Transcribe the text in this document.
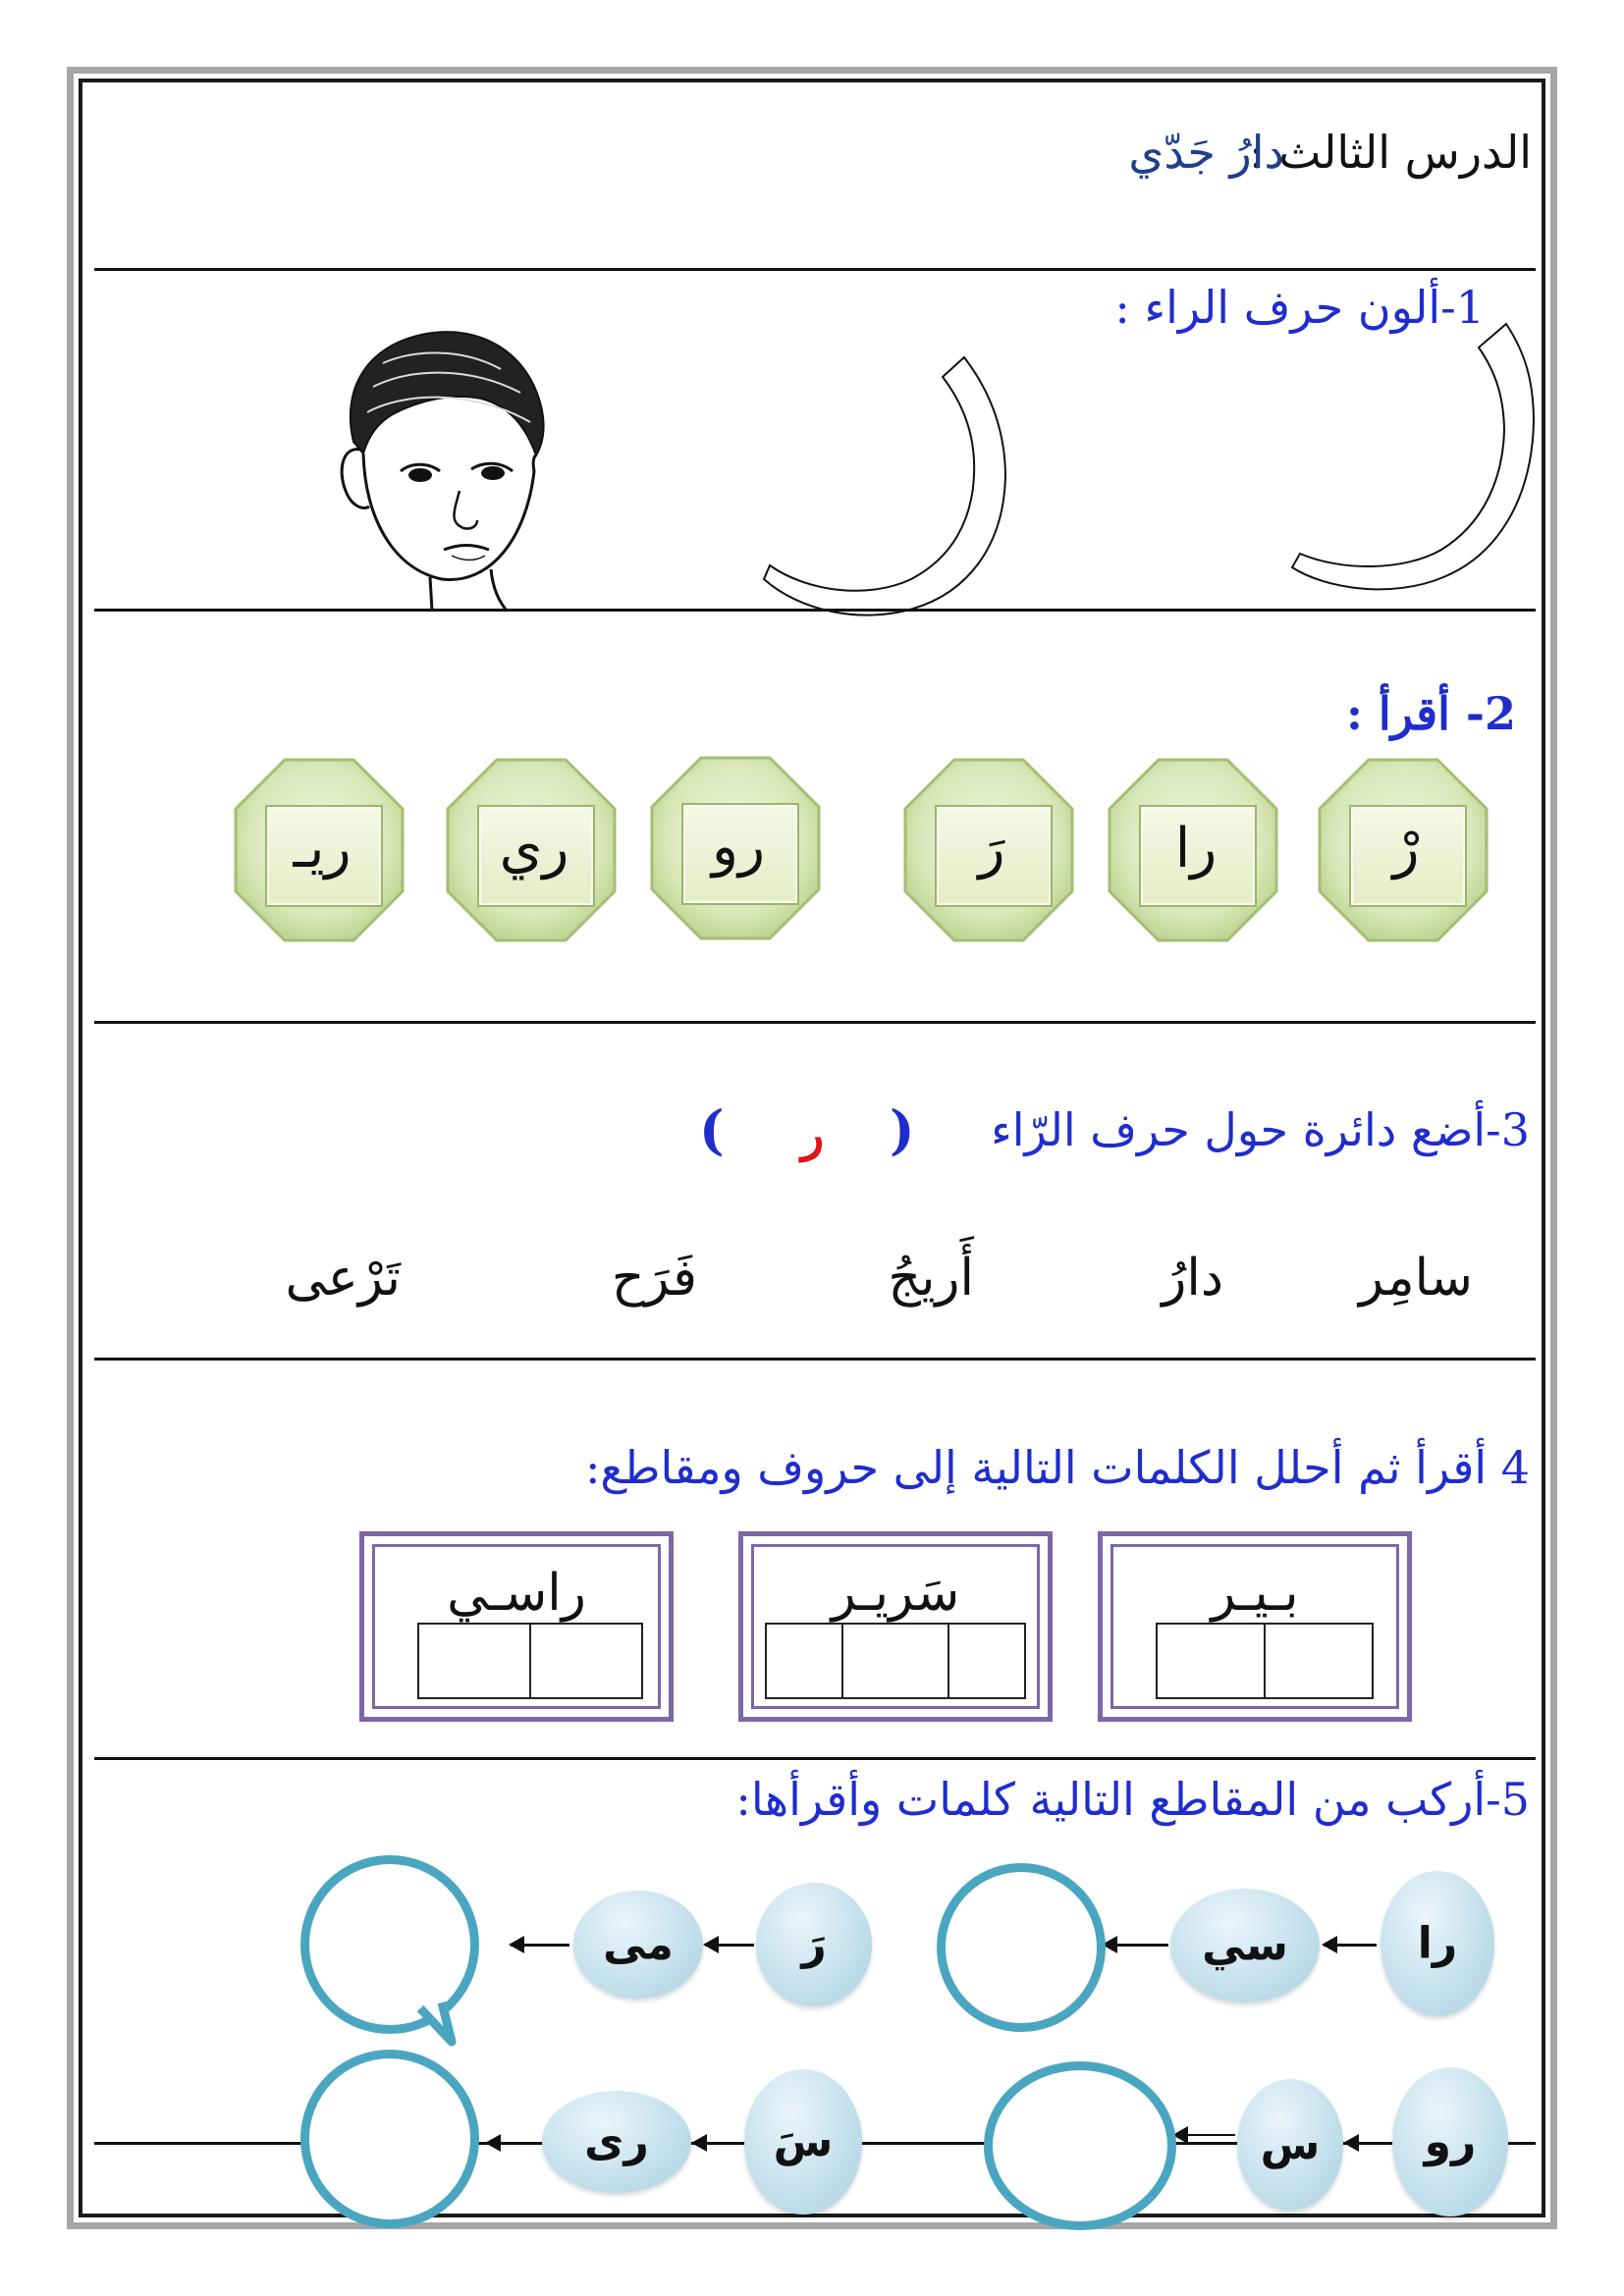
الدرس الثالث :
دارُ جَدّي
1-ألون حرف الراء :
2- أقرأ :
رْ
را
رَ
رو
ري
ريـ
3-أضع دائرة حول حرف الرّاء
) ر (
سامِر
دارُ
أَريجُ
فَرَح
تَرْعى
4 أقرأ ثم أحلل الكلمات التالية إلى حروف ومقاطع:
بـيـر
سَريـر
راسـي
5-أركب من المقاطع التالية كلمات وأقرأها:
را
سي
رَ
مى
رو
س
سَ
رى
